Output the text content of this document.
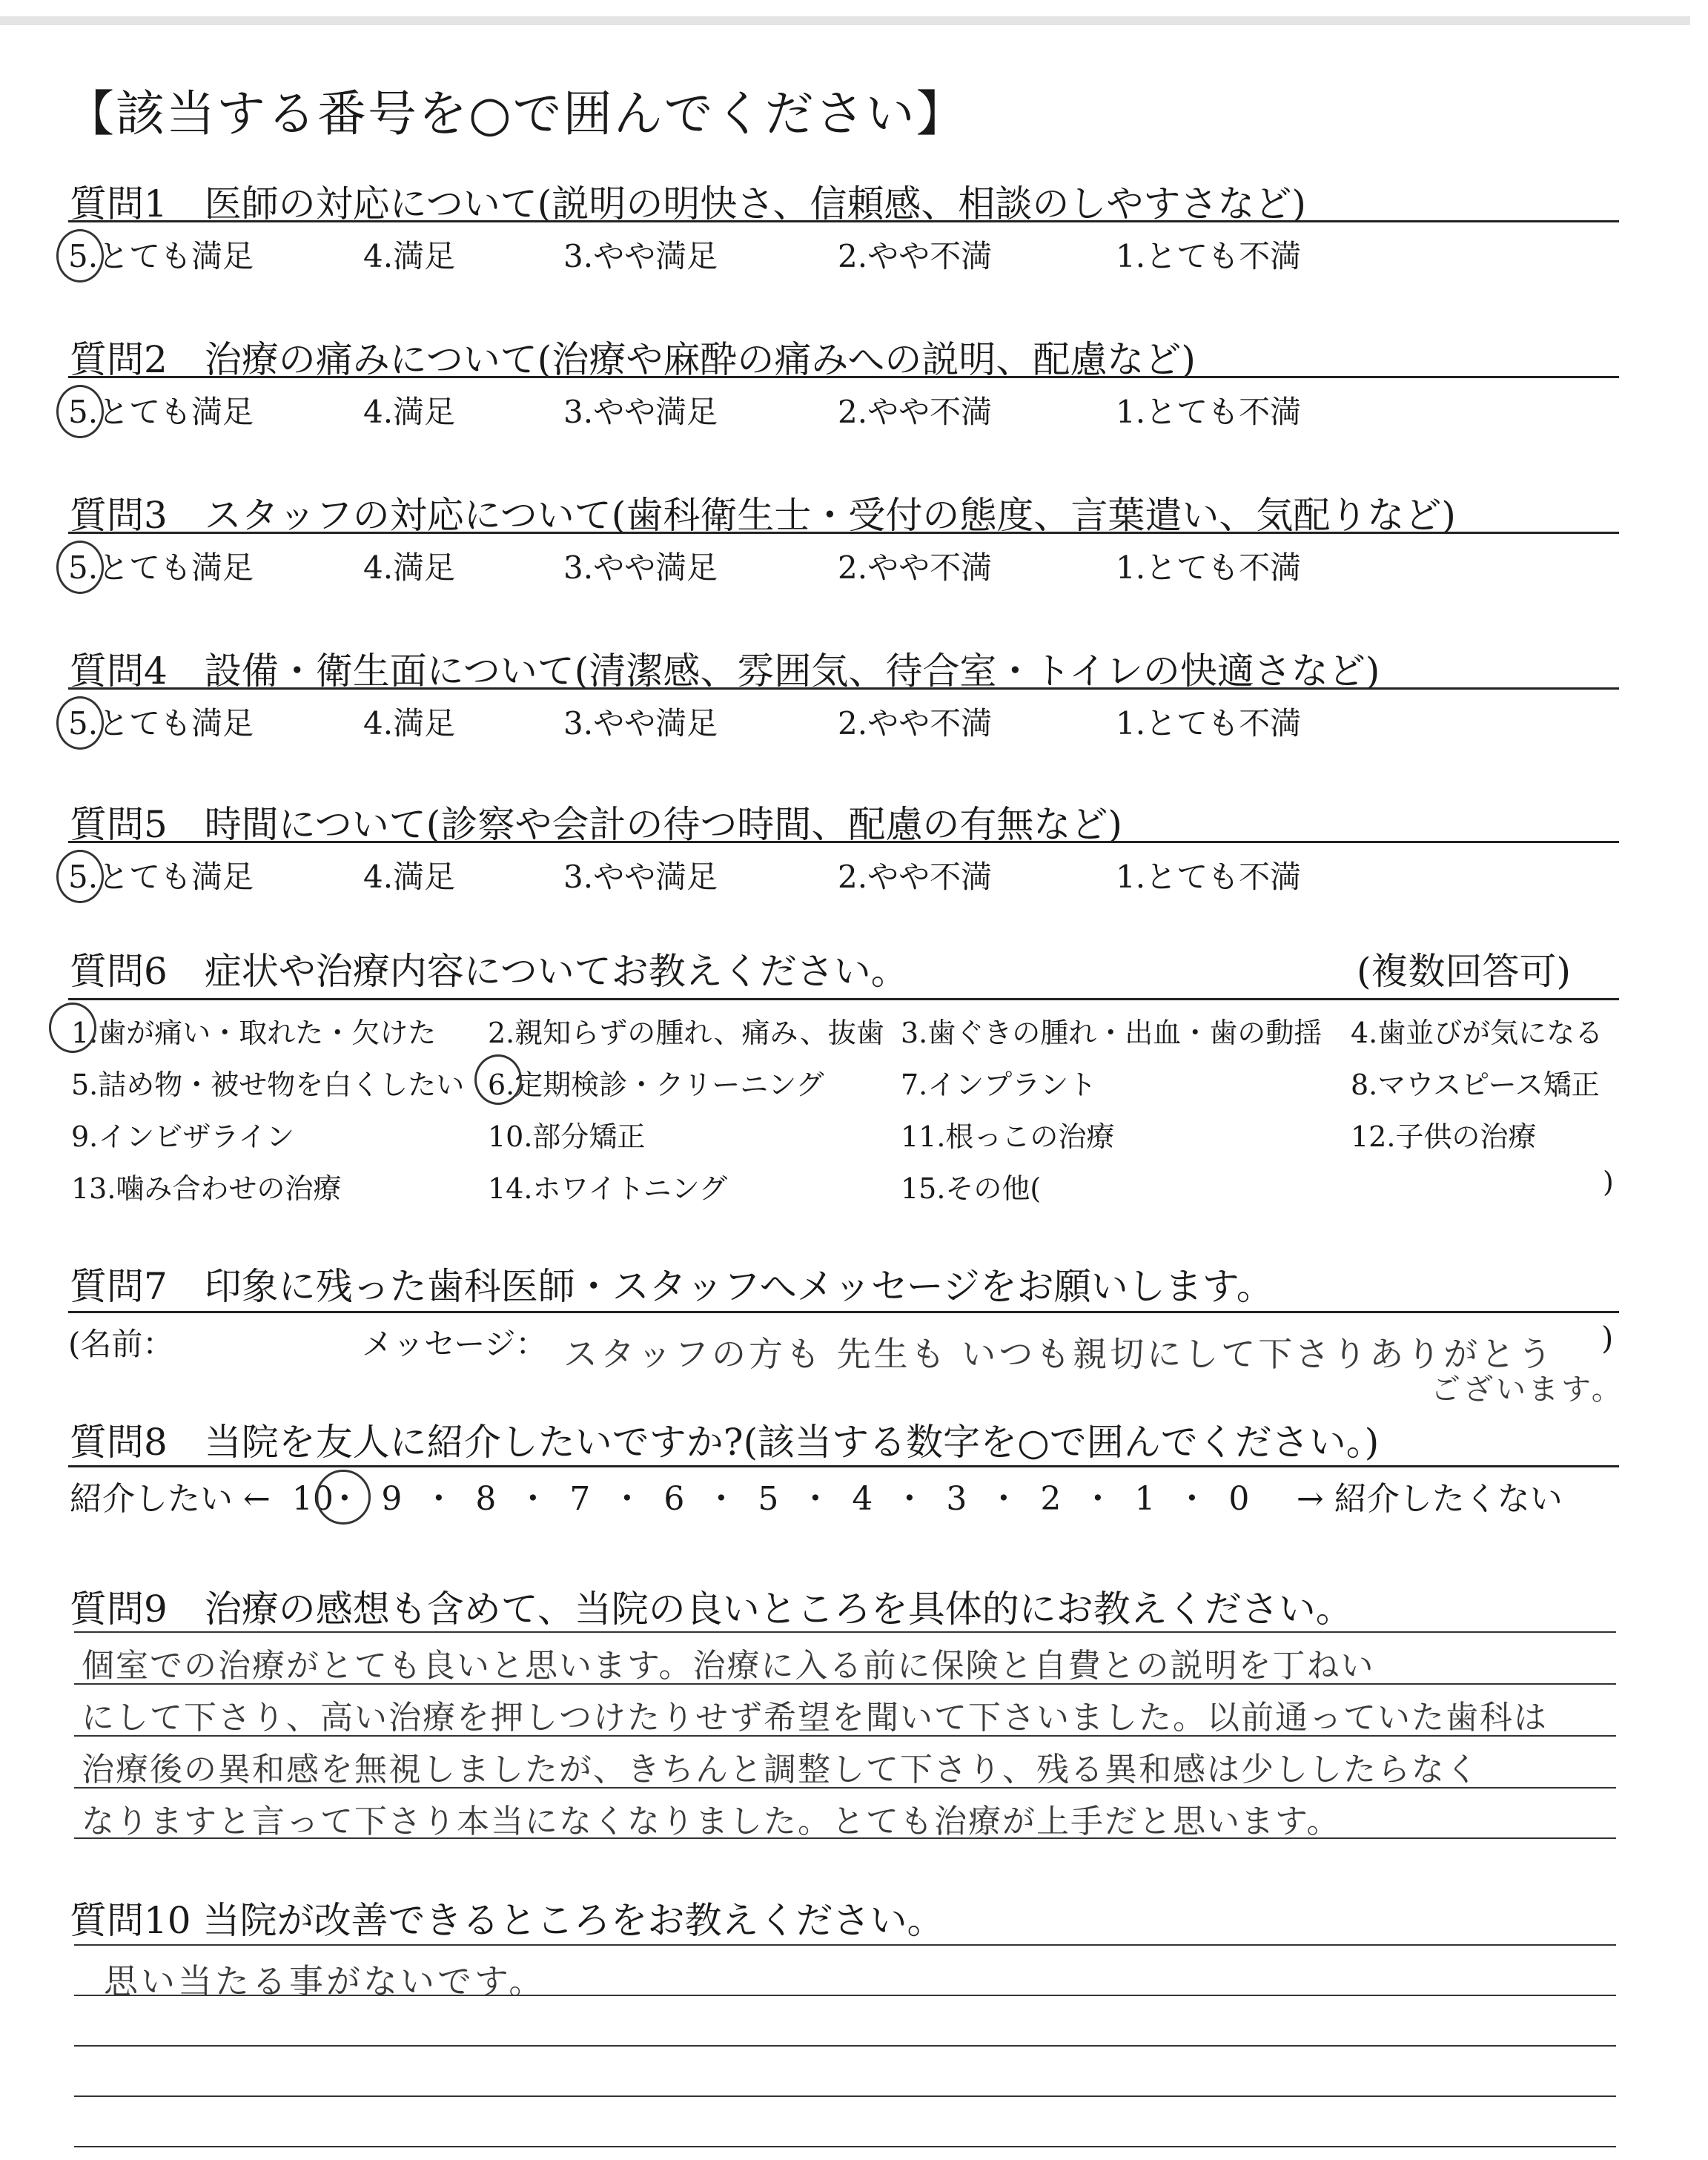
【該当する番号を○で囲んでください】
質問1　医師の対応について(説明の明快さ、信頼感、相談のしやすさなど)
5.とても満足	4.満足	3.やや満足	2.やや不満	1.とても不満
質問2　治療の痛みについて(治療や麻酔の痛みへの説明、配慮など)
5.とても満足	4.満足	3.やや満足	2.やや不満	1.とても不満
質問3　スタッフの対応について(歯科衛生士・受付の態度、言葉遣い、気配りなど)
5.とても満足	4.満足	3.やや満足	2.やや不満	1.とても不満
質問4　設備・衛生面について(清潔感、雰囲気、待合室・トイレの快適さなど)
5.とても満足	4.満足	3.やや満足	2.やや不満	1.とても不満
質問5　時間について(診察や会計の待つ時間、配慮の有無など)
5.とても満足	4.満足	3.やや満足	2.やや不満	1.とても不満
質問6　症状や治療内容についてお教えください。	(複数回答可)
1.歯が痛い・取れた・欠けた 2.親知らずの腫れ、痛み、抜歯 3.歯ぐきの腫れ・出血・歯の動揺 4.歯並びが気になる
5.詰め物・被せ物を白くしたい 6.定期検診・クリーニング	7.インプラント	8.マウスピース矯正
9.インビザライン	10.部分矯正	11.根っこの治療	12.子供の治療
13.噛み合わせの治療	14.ホワイトニング	15.その他(	)
質問7　印象に残った歯科医師・スタッフへメッセージをお願いします。
(名前：	メッセージ： スタッフの方も 先生も いつも親切にして下さりありがとう
ございます。
)
質問8　当院を友人に紹介したいですか?(該当する数字を○で囲んでください。)
紹介したい ← 10・ 9 ・ 8 ・ 7 ・ 6 ・ 5 ・ 4 ・ 3 ・ 2 ・ 1 ・ 0 → 紹介したくない
質問9　治療の感想も含めて、当院の良いところを具体的にお教えください。
個室での治療がとても良いと思います。治療に入る前に保険と自費との説明を丁ねい
にして下さり、高い治療を押しつけたりせず希望を聞いて下さいました。以前通っていた歯科は
治療後の異和感を無視しましたが、きちんと調整して下さり、残る異和感は少ししたらなく
なりますと言って下さり本当になくなりました。とても治療が上手だと思います。
質問10 当院が改善できるところをお教えください。
思い当たる事がないです。
